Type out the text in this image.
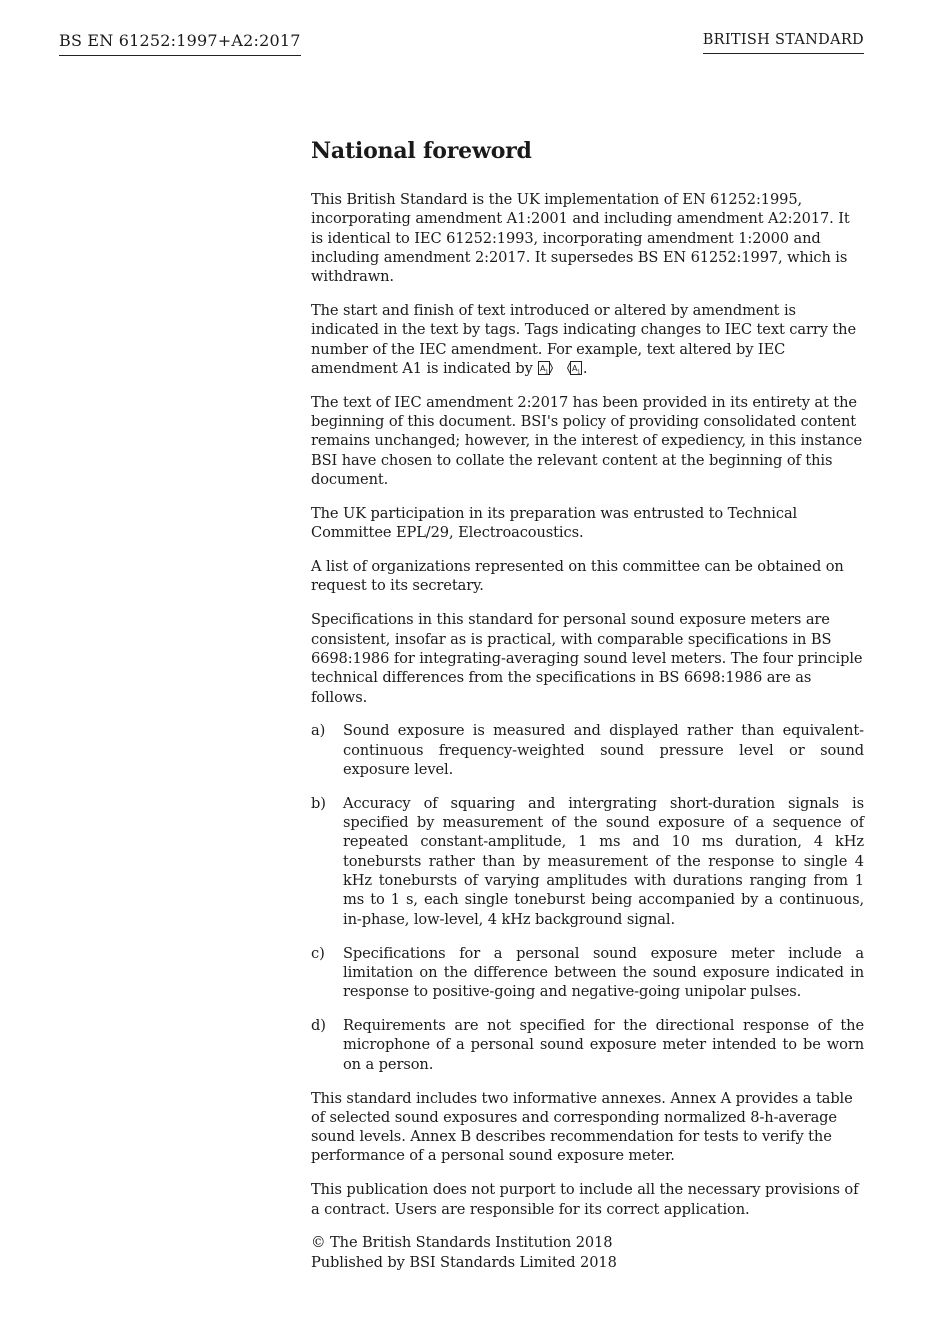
BS EN 61252:1997+A2:2017	BRITISH STANDARD
National foreword

This British Standard is the UK implementation of EN 61252:1995, incorporating amendment A1:2001 and including amendment A2:2017. It is identical to IEC 61252:1993, incorporating amendment 1:2000 and including amendment 2:2017. It supersedes BS EN 61252:1997, which is withdrawn.

The start and finish of text introduced or altered by amendment is indicated in the text by tags. Tags indicating changes to IEC text carry the number of the IEC amendment. For example, text altered by IEC amendment A1 is indicated by A 1
	A 1 .

The text of IEC amendment 2:2017 has been provided in its entirety at the beginning of this document. BSI's policy of providing consolidated content remains unchanged; however, in the interest of expediency, in this instance BSI have chosen to collate the relevant content at the beginning of this document.

The UK participation in its preparation was entrusted to Technical Committee EPL/29, Electroacoustics.

A list of organizations represented on this committee can be obtained on request to its secretary.

Specifications in this standard for personal sound exposure meters are consistent, insofar as is practical, with comparable specifications in BS 6698:1986 for integrating-averaging sound level meters. The four principle technical differences from the specifications in BS 6698:1986 are as follows.

a)	Sound exposure is measured and displayed rather than equivalent-continuous frequency-weighted sound pressure level or sound exposure level.
b)	Accuracy of squaring and intergrating short-duration signals is specified by measurement of the sound exposure of a sequence of repeated constant-amplitude, 1 ms and 10 ms duration, 4 kHz tonebursts rather than by measurement of the response to single 4 kHz tonebursts of varying amplitudes with durations ranging from 1 ms to 1 s, each single toneburst being accompanied by a continuous, in-phase, low-level, 4 kHz background signal.
c)	Specifications for a personal sound exposure meter include a limitation on the difference between the sound exposure indicated in response to positive-going and negative-going unipolar pulses.
d)	Requirements are not specified for the directional response of the microphone of a personal sound exposure meter intended to be worn on a person.

This standard includes two informative annexes. Annex A provides a table of selected sound exposures and corresponding normalized 8-h-average sound levels. Annex B describes recommendation for tests to verify the performance of a personal sound exposure meter.

This publication does not purport to include all the necessary provisions of a contract. Users are responsible for its correct application.

© The British Standards Institution 2018

Published by BSI Standards Limited 2018
